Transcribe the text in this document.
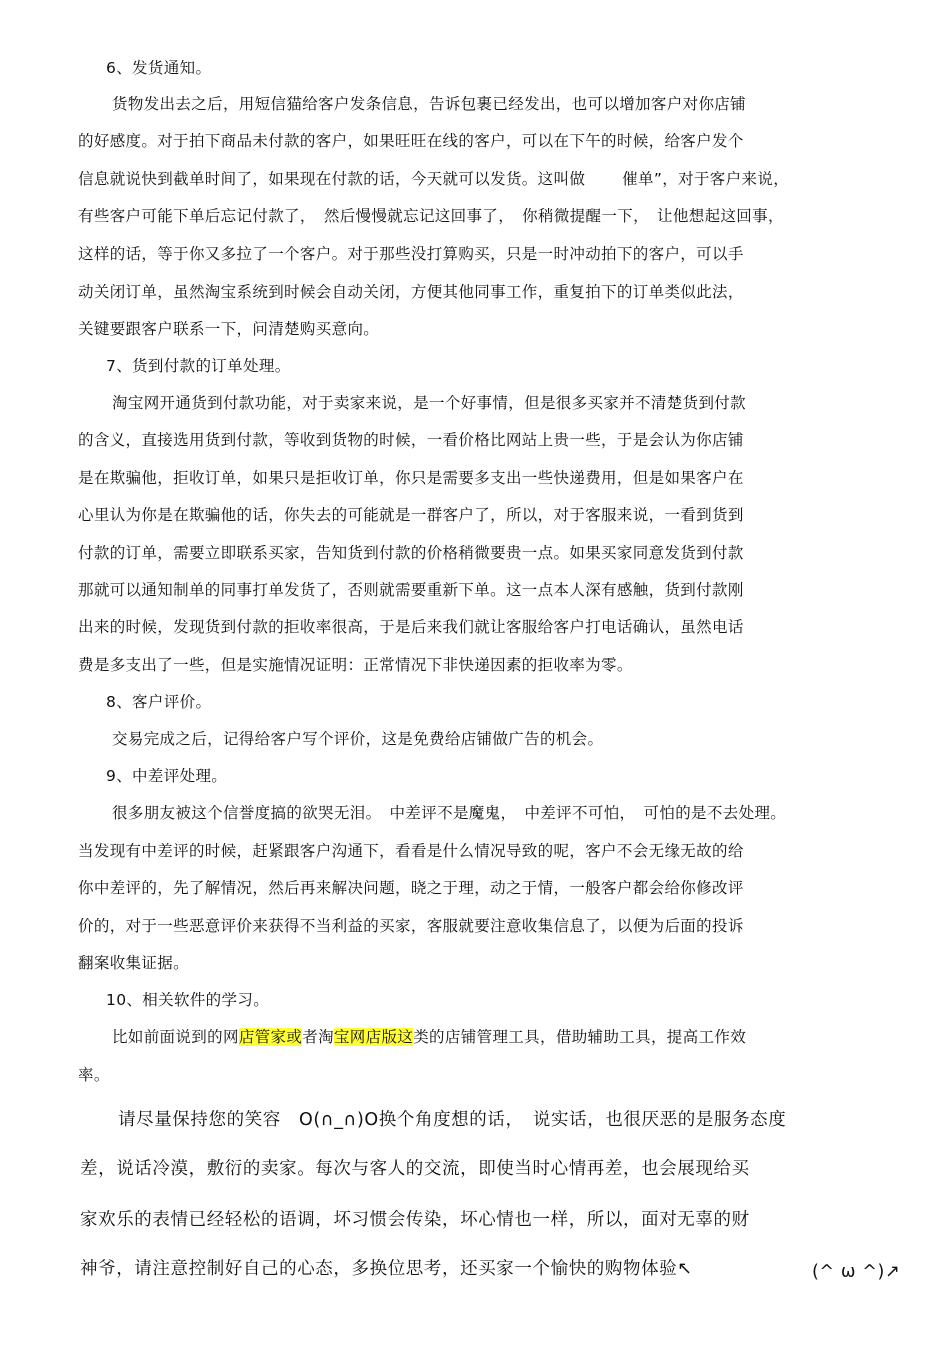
6、发货通知。
货物发出去之后，用短信猫给客户发条信息，告诉包裹已经发出，也可以增加客户对你店铺
的好感度。对于拍下商品未付款的客户，如果旺旺在线的客户，可以在下午的时候，给客户发个
信息就说快到截单时间了，如果现在付款的话，今天就可以发货。这叫做　　 催单”，对于客户来说，
有些客户可能下单后忘记付款了，　然后慢慢就忘记这回事了，　你稍微提醒一下，　让他想起这回事，
这样的话，等于你又多拉了一个客户。对于那些没打算购买，只是一时冲动拍下的客户，可以手
动关闭订单，虽然淘宝系统到时候会自动关闭，方便其他同事工作，重复拍下的订单类似此法，
关键要跟客户联系一下，问清楚购买意向。
7、货到付款的订单处理。
淘宝网开通货到付款功能，对于卖家来说，是一个好事情，但是很多买家并不清楚货到付款
的含义，直接选用货到付款，等收到货物的时候，一看价格比网站上贵一些，于是会认为你店铺
是在欺骗他，拒收订单，如果只是拒收订单，你只是需要多支出一些快递费用，但是如果客户在
心里认为你是在欺骗他的话，你失去的可能就是一群客户了，所以，对于客服来说，一看到货到
付款的订单，需要立即联系买家，告知货到付款的价格稍微要贵一点。如果买家同意发货到付款
那就可以通知制单的同事打单发货了，否则就需要重新下单。这一点本人深有感触，货到付款刚
出来的时候，发现货到付款的拒收率很高，于是后来我们就让客服给客户打电话确认，虽然电话
费是多支出了一些，但是实施情况证明：正常情况下非快递因素的拒收率为零。
8、客户评价。
交易完成之后，记得给客户写个评价，这是免费给店铺做广告的机会。
9、中差评处理。
很多朋友被这个信誉度搞的欲哭无泪。　中差评不是魔鬼，　中差评不可怕，　可怕的是不去处理。
当发现有中差评的时候，赶紧跟客户沟通下，看看是什么情况导致的呢，客户不会无缘无故的给
你中差评的，先了解情况，然后再来解决问题，晓之于理，动之于情，一般客户都会给你修改评
价的，对于一些恶意评价来获得不当利益的买家，客服就要注意收集信息了，以便为后面的投诉
翻案收集证据。
10、相关软件的学习。
比如前面说到的网店管家或者淘宝网店版这类的店铺管理工具，借助辅助工具，提高工作效
率。
请尽量保持您的笑容　O(∩_∩)O换个角度想的话，　说实话，也很厌恶的是服务态度
差，说话冷漠，敷衍的卖家。每次与客人的交流，即使当时心情再差，也会展现给买
家欢乐的表情已经轻松的语调，坏习惯会传染，坏心情也一样，所以，面对无辜的财
神爷，请注意控制好自己的心态，多换位思考，还买家一个愉快的购物体验↖	(^ ω ^)↗
